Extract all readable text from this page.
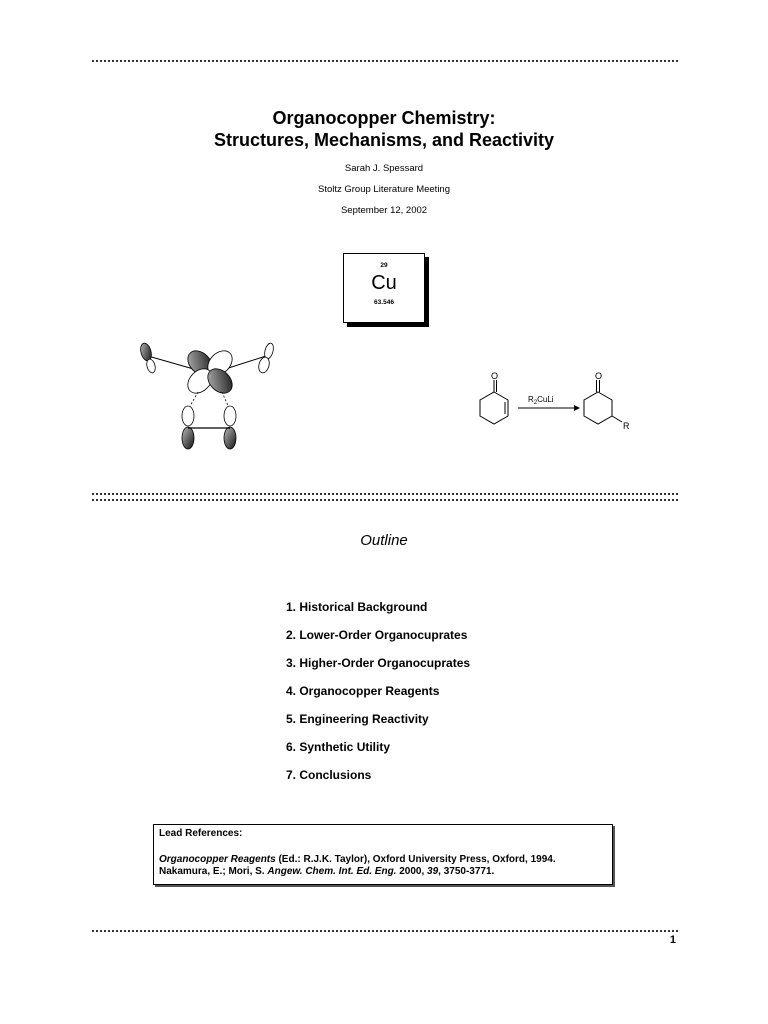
Organocopper Chemistry:
Structures, Mechanisms, and Reactivity
Sarah J. Spessard
Stoltz Group Literature Meeting
September 12, 2002
29
Cu
63.546
O
$R_2CuLi$
O
R
Outline
1. Historical Background
2. Lower-Order Organocuprates
3. Higher-Order Organocuprates
4. Organocopper Reagents
5. Engineering Reactivity
6. Synthetic Utility
7. Conclusions
Lead References:
Organocopper Reagents (Ed.: R.J.K. Taylor), Oxford University Press, Oxford, 1994.
Nakamura, E.; Mori, S. Angew. Chem. Int. Ed. Eng. 2000, 39, 3750-3771.
1
